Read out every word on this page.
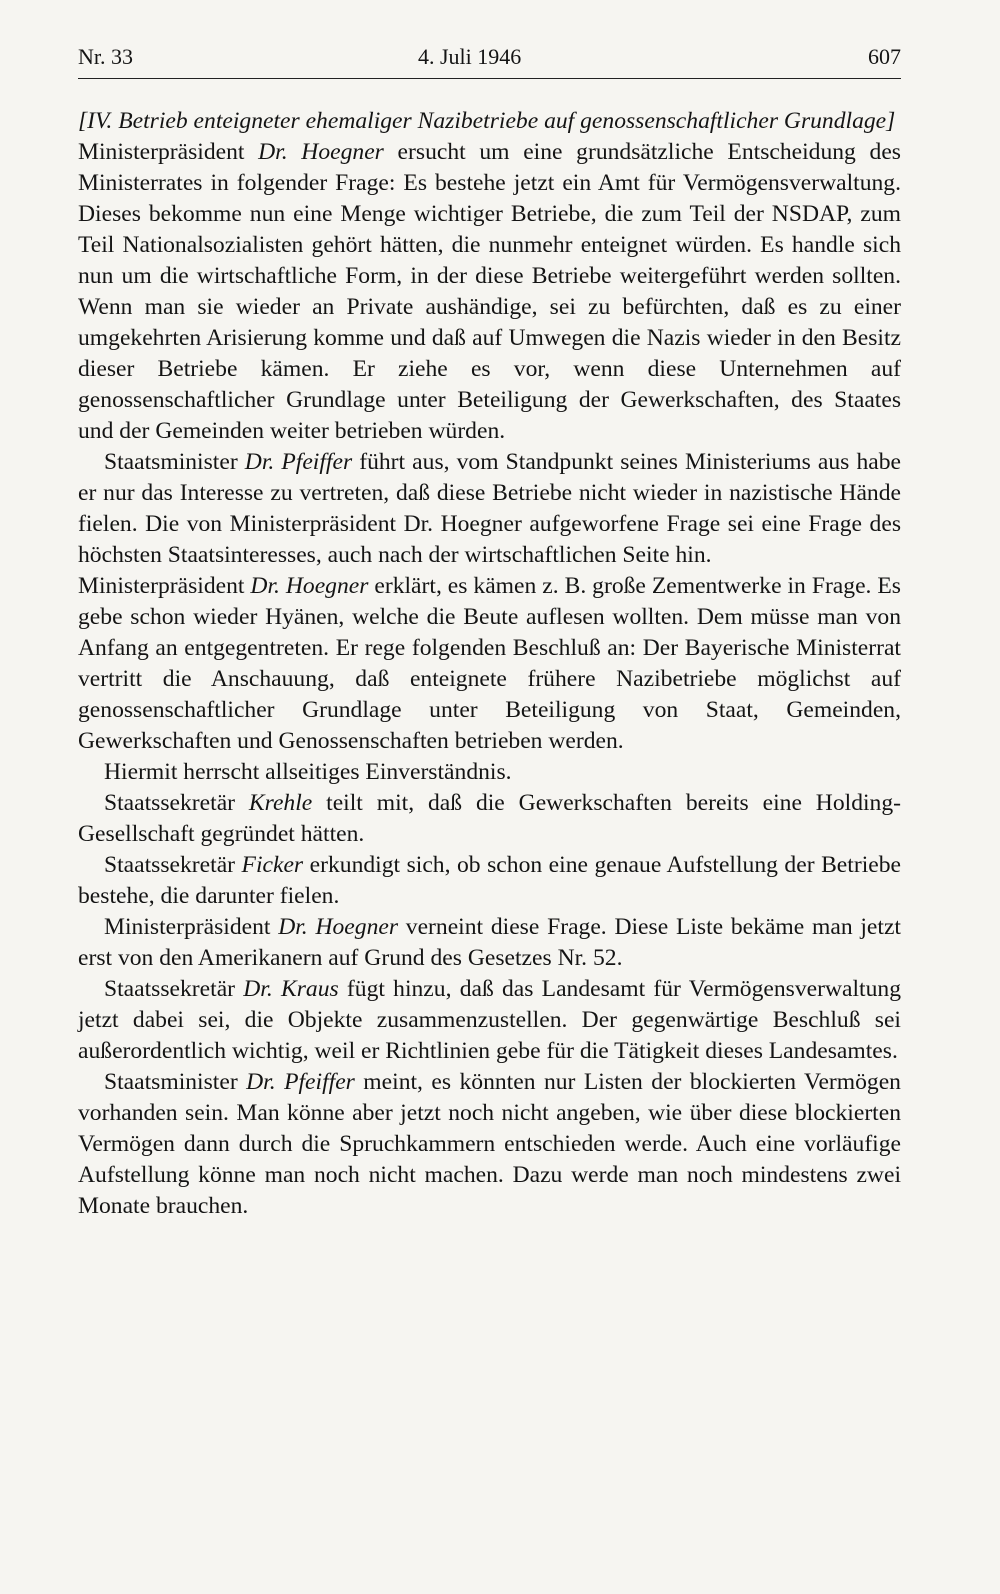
Nr. 33	4. Juli 1946	607

[IV. Betrieb enteigneter ehemaliger Nazibetriebe auf genossenschaftlicher Grundlage]

Ministerpräsident Dr. Hoegner ersucht um eine grundsätzliche Entscheidung des Ministerrates in folgender Frage: Es bestehe jetzt ein Amt für Vermögensverwaltung. Dieses bekomme nun eine Menge wichtiger Betriebe, die zum Teil der NSDAP, zum Teil Nationalsozialisten gehört hätten, die nunmehr enteignet würden. Es handle sich nun um die wirtschaftliche Form, in der diese Betriebe weitergeführt werden sollten. Wenn man sie wieder an Private aushändige, sei zu befürchten, daß es zu einer umgekehrten Arisierung komme und daß auf Umwegen die Nazis wieder in den Besitz dieser Betriebe kämen. Er ziehe es vor, wenn diese Unternehmen auf genossenschaftlicher Grundlage unter Beteiligung der Gewerkschaften, des Staates und der Gemeinden weiter betrieben würden.

Staatsminister Dr. Pfeiffer führt aus, vom Standpunkt seines Ministeriums aus habe er nur das Interesse zu vertreten, daß diese Betriebe nicht wieder in nazistische Hände fielen. Die von Ministerpräsident Dr. Hoegner aufgeworfene Frage sei eine Frage des höchsten Staatsinteresses, auch nach der wirtschaftlichen Seite hin.

Ministerpräsident Dr. Hoegner erklärt, es kämen z. B. große Zementwerke in Frage. Es gebe schon wieder Hyänen, welche die Beute auflesen wollten. Dem müsse man von Anfang an entgegentreten. Er rege folgenden Beschluß an: Der Bayerische Ministerrat vertritt die Anschauung, daß enteignete frühere Nazibetriebe möglichst auf genossenschaftlicher Grundlage unter Beteiligung von Staat, Gemeinden, Gewerkschaften und Genossenschaften betrieben werden.

Hiermit herrscht allseitiges Einverständnis.

Staatssekretär Krehle teilt mit, daß die Gewerkschaften bereits eine Holding-Gesellschaft gegründet hätten.

Staatssekretär Ficker erkundigt sich, ob schon eine genaue Aufstellung der Betriebe bestehe, die darunter fielen.

Ministerpräsident Dr. Hoegner verneint diese Frage. Diese Liste bekäme man jetzt erst von den Amerikanern auf Grund des Gesetzes Nr. 52.

Staatssekretär Dr. Kraus fügt hinzu, daß das Landesamt für Vermögensverwaltung jetzt dabei sei, die Objekte zusammenzustellen. Der gegenwärtige Beschluß sei außerordentlich wichtig, weil er Richtlinien gebe für die Tätigkeit dieses Landesamtes.

Staatsminister Dr. Pfeiffer meint, es könnten nur Listen der blockierten Vermögen vorhanden sein. Man könne aber jetzt noch nicht angeben, wie über diese blockierten Vermögen dann durch die Spruchkammern entschieden werde. Auch eine vorläufige Aufstellung könne man noch nicht machen. Dazu werde man noch mindestens zwei Monate brauchen.
